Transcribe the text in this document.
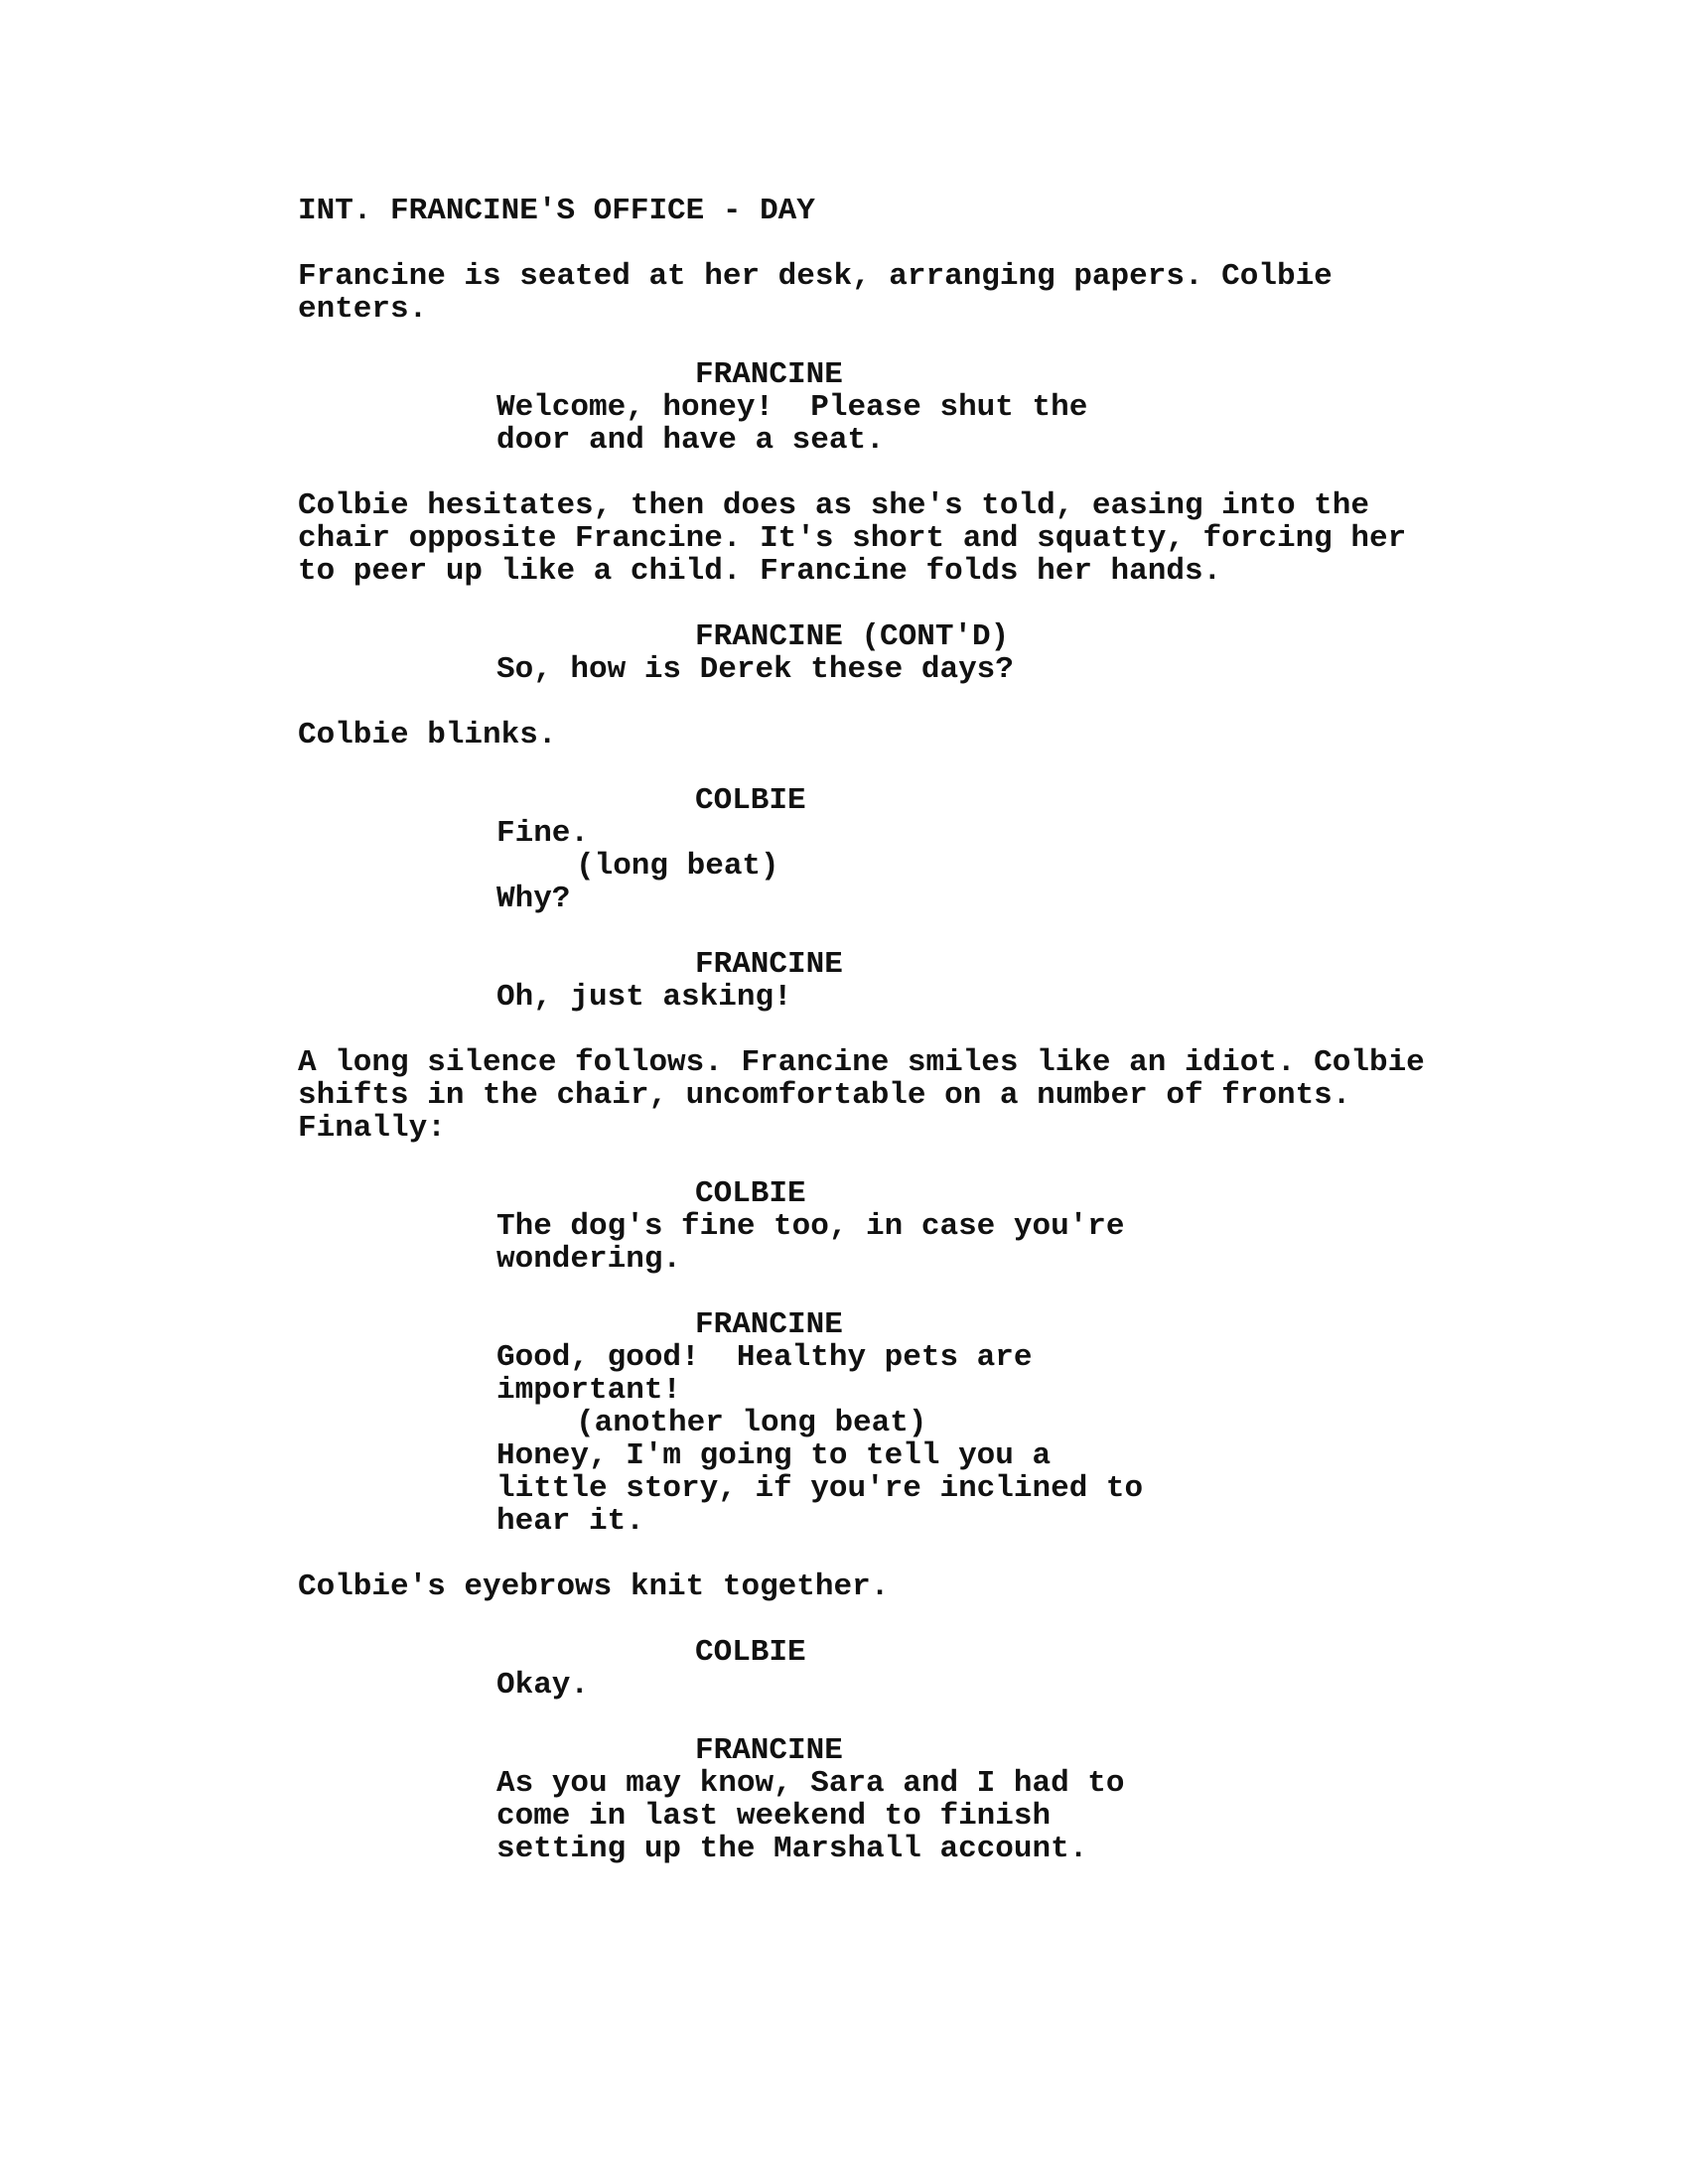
INT. FRANCINE'S OFFICE - DAY
Francine is seated at her desk, arranging papers. Colbie
enters.
FRANCINE
Welcome, honey!  Please shut the
door and have a seat.
Colbie hesitates, then does as she's told, easing into the
chair opposite Francine. It's short and squatty, forcing her
to peer up like a child. Francine folds her hands.
FRANCINE (CONT'D)
So, how is Derek these days?
Colbie blinks.
COLBIE
Fine.
(long beat)
Why?
FRANCINE
Oh, just asking!
A long silence follows. Francine smiles like an idiot. Colbie
shifts in the chair, uncomfortable on a number of fronts.
Finally:
COLBIE
The dog's fine too, in case you're
wondering.
FRANCINE
Good, good!  Healthy pets are
important!
(another long beat)
Honey, I'm going to tell you a
little story, if you're inclined to
hear it.
Colbie's eyebrows knit together.
COLBIE
Okay.
FRANCINE
As you may know, Sara and I had to
come in last weekend to finish
setting up the Marshall account.
